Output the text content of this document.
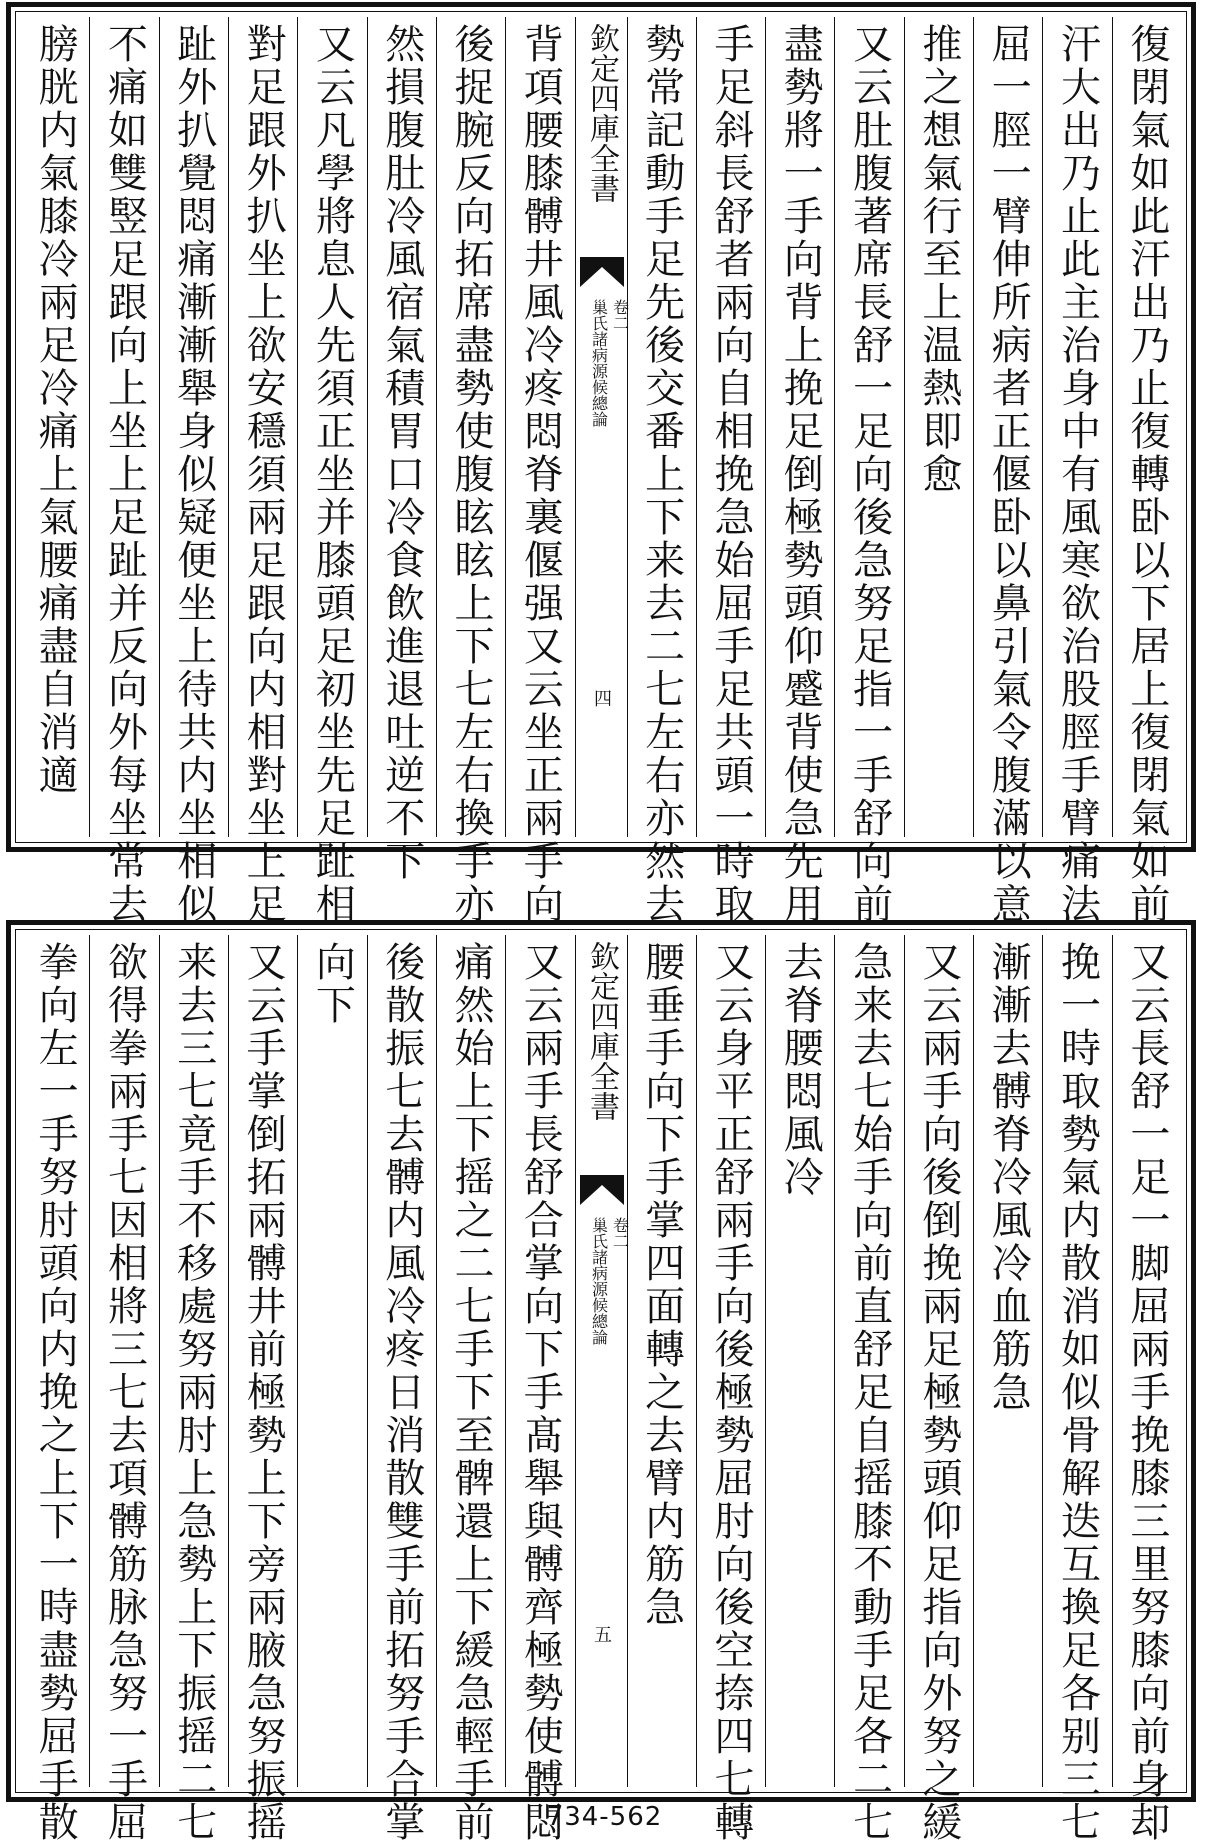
復閉氣如此汗出乃止復轉卧以下居上復閉氣如前
汗大出乃止此主治身中有風寒欲治股脛手臂痛法
屈一脛一臂伸所病者正偃卧以鼻引氣令腹滿以意
推之想氣行至上温熱即愈
又云肚腹著席長舒一足向後急努足指一手舒向前
盡勢將一手向背上挽足倒極勢頭仰蹙背使急先用
手足斜長舒者兩向自相挽急始屈手足共頭一時取
勢常記動手足先後交番上下来去二七左右亦然去
欽定四庫全書
卷二
巢氏諸病源候總論
四
背項腰膝髆井風冷疼悶脊裏偃强又云坐正兩手向
後捉腕反向拓席盡勢使腹眩眩上下七左右換手亦
然損腹肚冷風宿氣積胃口冷食飲進退吐逆不下
又云凡學將息人先須正坐并膝頭足初坐先足趾相
對足跟外扒坐上欲安穩須兩足跟向内相對坐上足
趾外扒覺悶痛漸漸舉身似疑便坐上待共内坐相似
不痛如雙竪足跟向上坐上足趾并反向外每坐常去
膀胱内氣膝冷兩足冷痛上氣腰痛盡自消適
又云長舒一足一脚屈兩手挽膝三里努膝向前身却
挽一時取勢氣内散消如似骨解迭互換足各别三七
漸漸去髆脊冷風冷血筋急
又云兩手向後倒挽兩足極勢頭仰足指向外努之緩
急来去七始手向前直舒足自摇膝不動手足各二七
去脊腰悶風冷
又云身平正舒兩手向後極勢屈肘向後空捺四七轉
腰垂手向下手掌四面轉之去臂内筋急
欽定四庫全書
卷二
巢氏諸病源候總論
五
又云兩手長舒合掌向下手髙舉與髆齊極勢使髆悶
痛然始上下摇之二七手下至髀還上下緩急輕手前
後散振七去髆内風冷疼日消散雙手前拓努手合掌
向下
又云手掌倒拓兩髆井前極勢上下旁兩腋急努振摇
来去三七竟手不移處努兩肘上急勢上下振摇二七
欲得拳兩手七因相將三七去項髆筋脉急努一手屈
拳向左一手努肘頭向内挽之上下一時盡勢屈手散	734-562
